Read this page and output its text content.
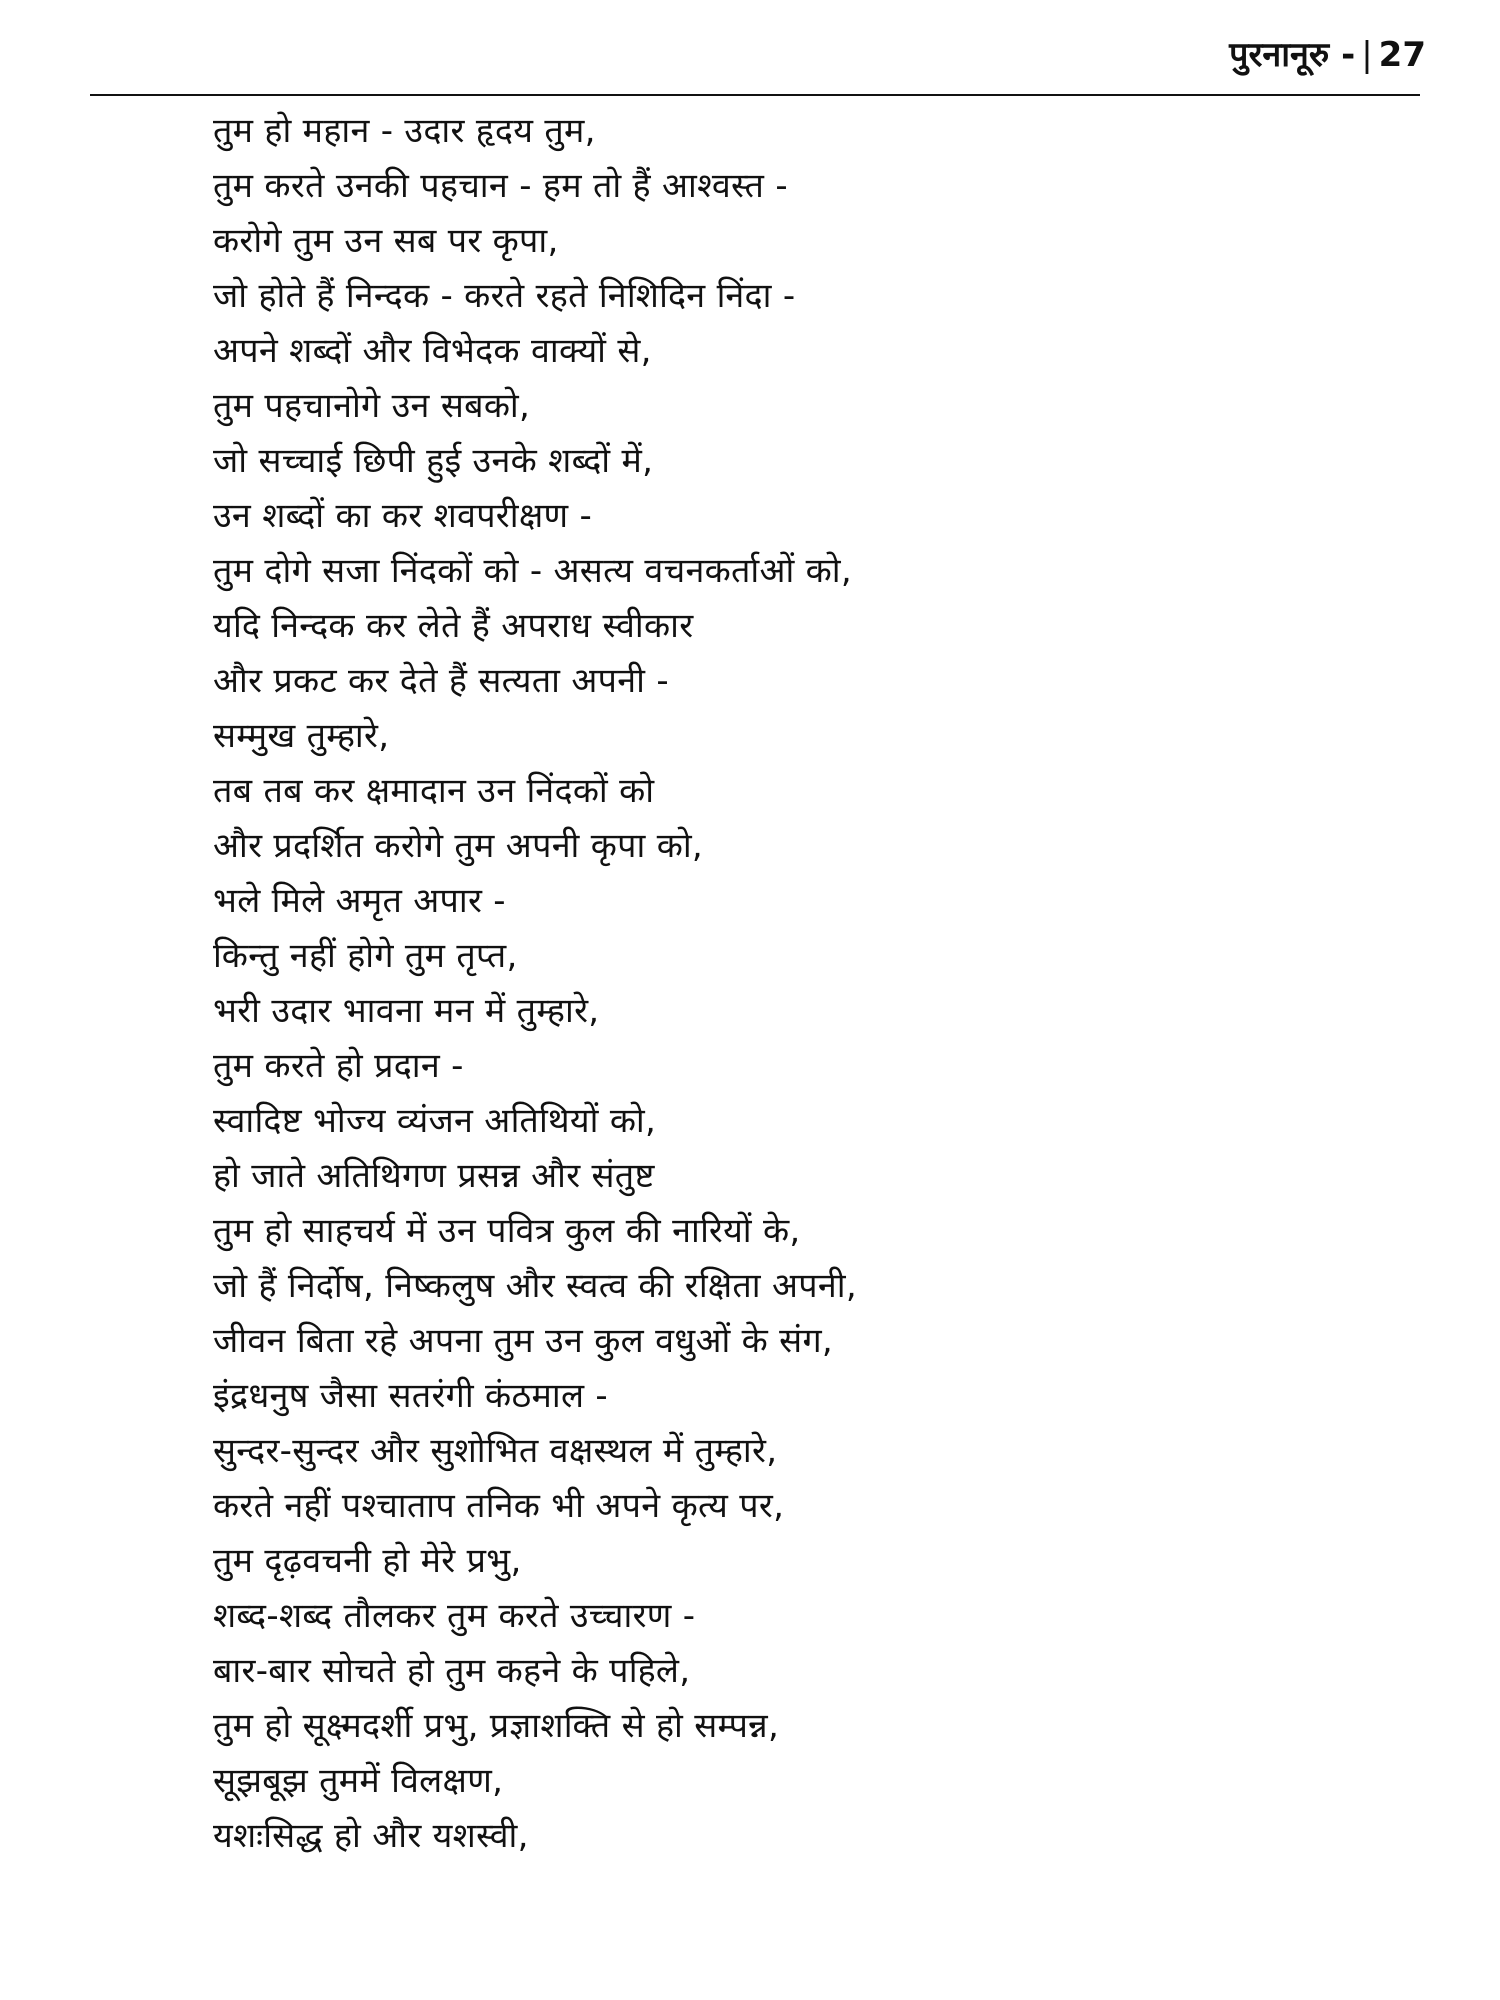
पुरनानूरु - | 27
तुम हो महान - उदार हृदय तुम,
तुम करते उनकी पहचान - हम तो हैं आश्वस्त -
करोगे तुम उन सब पर कृपा,
जो होते हैं निन्दक - करते रहते निशिदिन निंदा -
अपने शब्दों और विभेदक वाक्यों से,
तुम पहचानोगे उन सबको,
जो सच्चाई छिपी हुई उनके शब्दों में,
उन शब्दों का कर शवपरीक्षण -
तुम दोगे सजा निंदकों को - असत्य वचनकर्ताओं को,
यदि निन्दक कर लेते हैं अपराध स्वीकार
और प्रकट कर देते हैं सत्यता अपनी -
सम्मुख तुम्हारे,
तब तब कर क्षमादान उन निंदकों को
और प्रदर्शित करोगे तुम अपनी कृपा को,
भले मिले अमृत अपार -
किन्तु नहीं होगे तुम तृप्त,
भरी उदार भावना मन में तुम्हारे,
तुम करते हो प्रदान -
स्वादिष्ट भोज्य व्यंजन अतिथियों को,
हो जाते अतिथिगण प्रसन्न और संतुष्ट
तुम हो साहचर्य में उन पवित्र कुल की नारियों के,
जो हैं निर्दोष, निष्कलुष और स्वत्व की रक्षिता अपनी,
जीवन बिता रहे अपना तुम उन कुल वधुओं के संग,
इंद्रधनुष जैसा सतरंगी कंठमाल -
सुन्दर-सुन्दर और सुशोभित वक्षस्थल में तुम्हारे,
करते नहीं पश्चाताप तनिक भी अपने कृत्य पर,
तुम दृढ़वचनी हो मेरे प्रभु,
शब्द-शब्द तौलकर तुम करते उच्चारण -
बार-बार सोचते हो तुम कहने के पहिले,
तुम हो सूक्ष्मदर्शी प्रभु, प्रज्ञाशक्ति से हो सम्पन्न,
सूझबूझ तुममें विलक्षण,
यशःसिद्ध हो और यशस्वी,
